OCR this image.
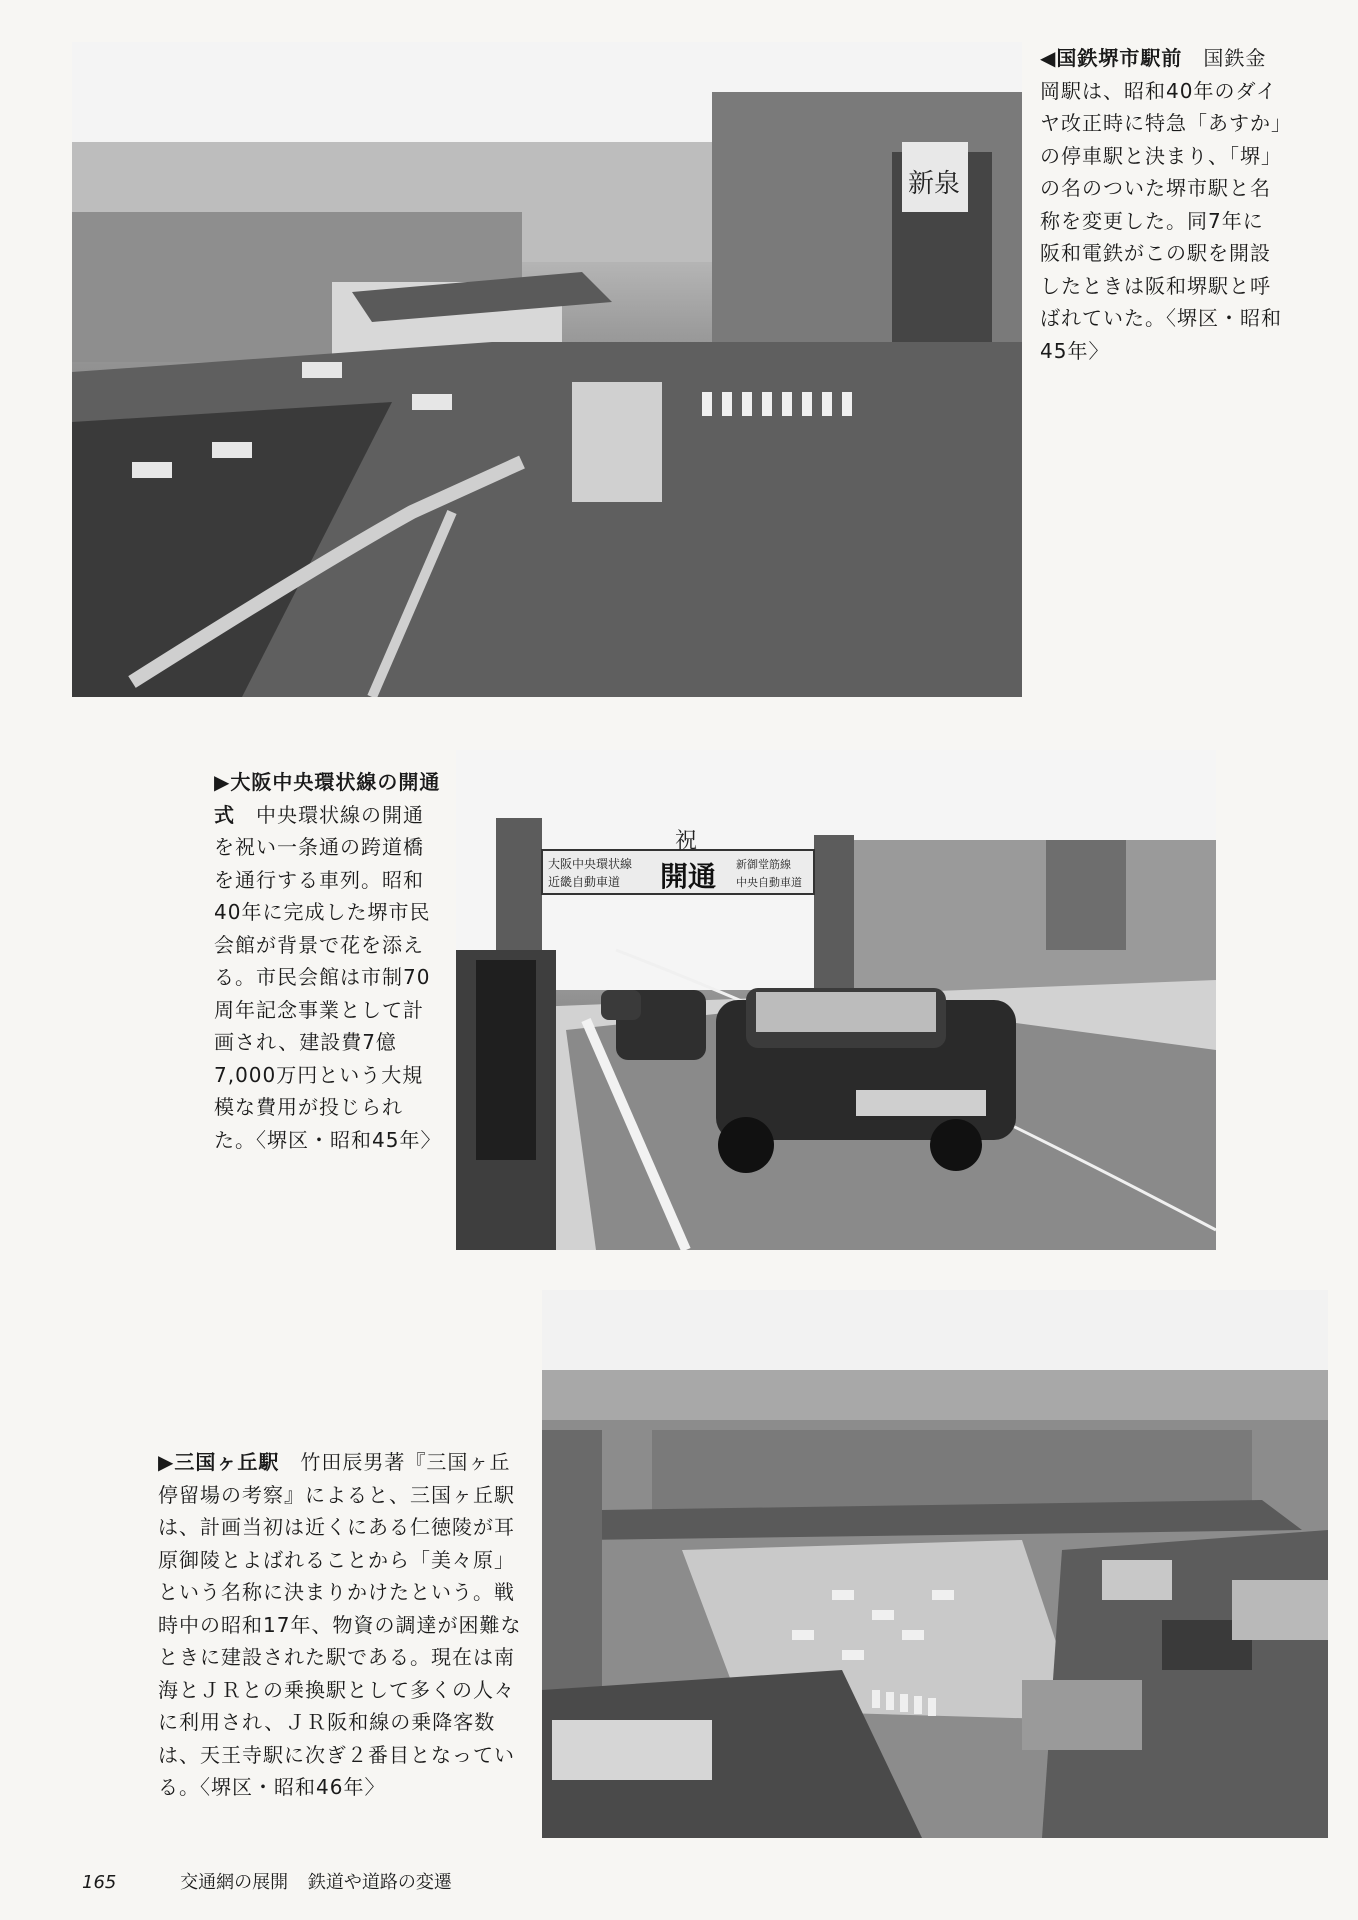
新泉

◀国鉄堺市駅前　 国鉄金岡駅は、昭和40年のダイヤ改正時に特急「あすか」の停車駅と決まり、「堺」の名のついた堺市駅と名称を変更した。同7年に阪和電鉄がこの駅を開設したときは阪和堺駅と呼ばれていた。〈堺区・昭和45年〉

▶大阪中央環状線の開通式　 中央環状線の開通を祝い一条通の跨道橋を通行する車列。昭和40年に完成した堺市民会館が背景で花を添える。市民会館は市制70周年記念事業として計画され、建設費7億7,000万円という大規模な費用が投じられた。〈堺区・昭和45年〉

祝
大阪中央環状線
近畿自動車道 開通 新御堂筋線
中央自動車道

▶三国ヶ丘駅　 竹田辰男著『三国ヶ丘停留場の考察』によると、三国ヶ丘駅は、計画当初は近くにある仁徳陵が耳原御陵とよばれることから「美々原」という名称に決まりかけたという。戦時中の昭和17年、物資の調達が困難なときに建設された駅である。現在は南海とＪＲとの乗換駅として多くの人々に利用され、ＪＲ阪和線の乗降客数は、天王寺駅に次ぎ２番目となっている。〈堺区・昭和46年〉

165	交通網の展開 鉄道や道路の変遷
